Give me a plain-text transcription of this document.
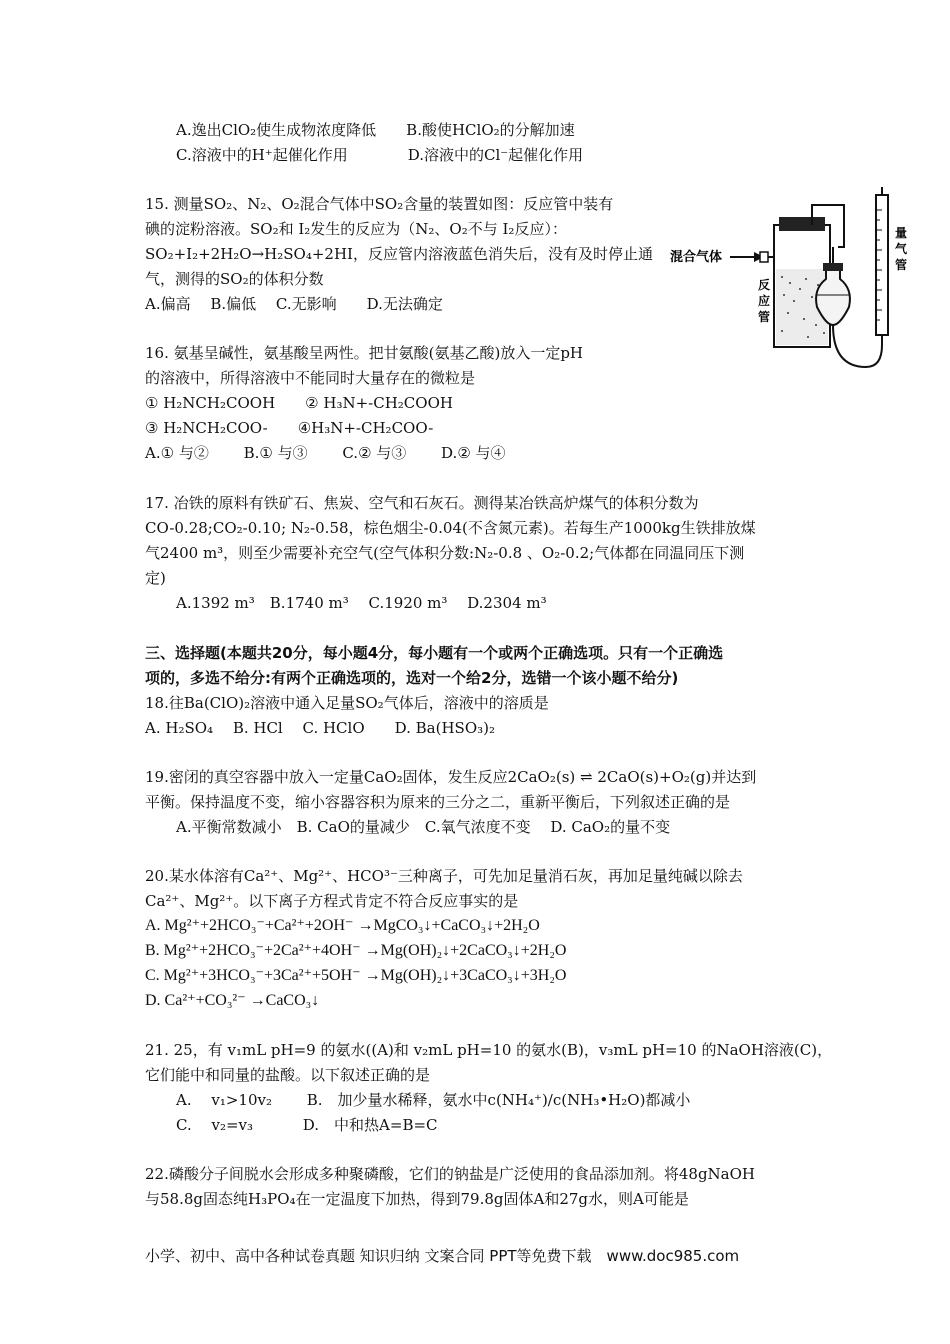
A.逸出ClO₂使生成物浓度降低　　B.酸使HClO₂的分解加速
C.溶液中的H⁺起催化作用　　　　D.溶液中的Cl⁻起催化作用
15. 测量SO₂、N₂、O₂混合气体中SO₂含量的装置如图：反应管中装有
碘的淀粉溶液。SO₂和 I₂发生的反应为（N₂、O₂不与 I₂反应）：
SO₂+I₂+2H₂O→H₂SO₄+2HI，反应管内溶液蓝色消失后，没有及时停止通
气，测得的SO₂的体积分数
A.偏高　 B.偏低　 C.无影响　　D.无法确定
混合气体
反 应 管
量 气 管
16. 氨基呈碱性，氨基酸呈两性。把甘氨酸(氨基乙酸)放入一定pH
的溶液中，所得溶液中不能同时大量存在的微粒是
① H₂NCH₂COOH　　② H₃N+-CH₂COOH
③ H₂NCH₂COO-　　④H₃N+-CH₂COO-
A.① 与②　　 B.① 与③　　 C.② 与③　　 D.② 与④
17. 冶铁的原料有铁矿石、焦炭、空气和石灰石。测得某冶铁高炉煤气的体积分数为
CO-0.28;CO₂-0.10; N₂-0.58，棕色烟尘-0.04(不含氮元素)。若每生产1000kg生铁排放煤
气2400 m³，则至少需要补充空气(空气体积分数:N₂-0.8 、O₂-0.2;气体都在同温同压下测
定)
A.1392 m³　B.1740 m³　 C.1920 m³　 D.2304 m³
三、选择题(本题共20分，每小题4分，每小题有一个或两个正确选项。只有一个正确选
项的，多选不给分:有两个正确选项的，选对一个给2分，选错一个该小题不给分)
18.往Ba(ClO)₂溶液中通入足量SO₂气体后，溶液中的溶质是
A. H₂SO₄　 B. HCl　 C. HClO　　D. Ba(HSO₃)₂
19.密闭的真空容器中放入一定量CaO₂固体，发生反应2CaO₂(s) ⇌ 2CaO(s)+O₂(g)并达到
平衡。保持温度不变，缩小容器容积为原来的三分之二，重新平衡后，下列叙述正确的是
A.平衡常数减小　B. CaO的量减少　C.氧气浓度不变　 D. CaO₂的量不变
20.某水体溶有Ca²⁺、Mg²⁺、HCO³⁻三种离子，可先加足量消石灰，再加足量纯碱以除去
Ca²⁺、Mg²⁺。以下离子方程式肯定不符合反应事实的是
A. Mg²⁺+2HCO₃⁻+Ca²⁺+2OH⁻ →MgCO₃↓+CaCO₃↓+2H₂O
B. Mg²⁺+2HCO₃⁻+2Ca²⁺+4OH⁻ →Mg(OH)₂↓+2CaCO₃↓+2H₂O
C. Mg²⁺+3HCO₃⁻+3Ca²⁺+5OH⁻ →Mg(OH)₂↓+3CaCO₃↓+3H₂O
D. Ca²⁺+CO₃²⁻ →CaCO₃↓
21. 25，有 v₁mL pH=9 的氨水((A)和 v₂mL pH=10 的氨水(B)，v₃mL pH=10 的NaOH溶液(C)，
它们能中和同量的盐酸。以下叙述正确的是
A.　 v₁>10v₂　　 B.　加少量水稀释，氨水中c(NH₄⁺)/c(NH₃•H₂O)都减小
C.　 v₂=v₃　　　 D.　中和热A=B=C
22.磷酸分子间脱水会形成多种聚磷酸，它们的钠盐是广泛使用的食品添加剂。将48gNaOH
与58.8g固态纯H₃PO₄在一定温度下加热，得到79.8g固体A和27g水，则A可能是
小学、初中、高中各种试卷真题 知识归纳 文案合同 PPT等免费下载　www.doc985.com
